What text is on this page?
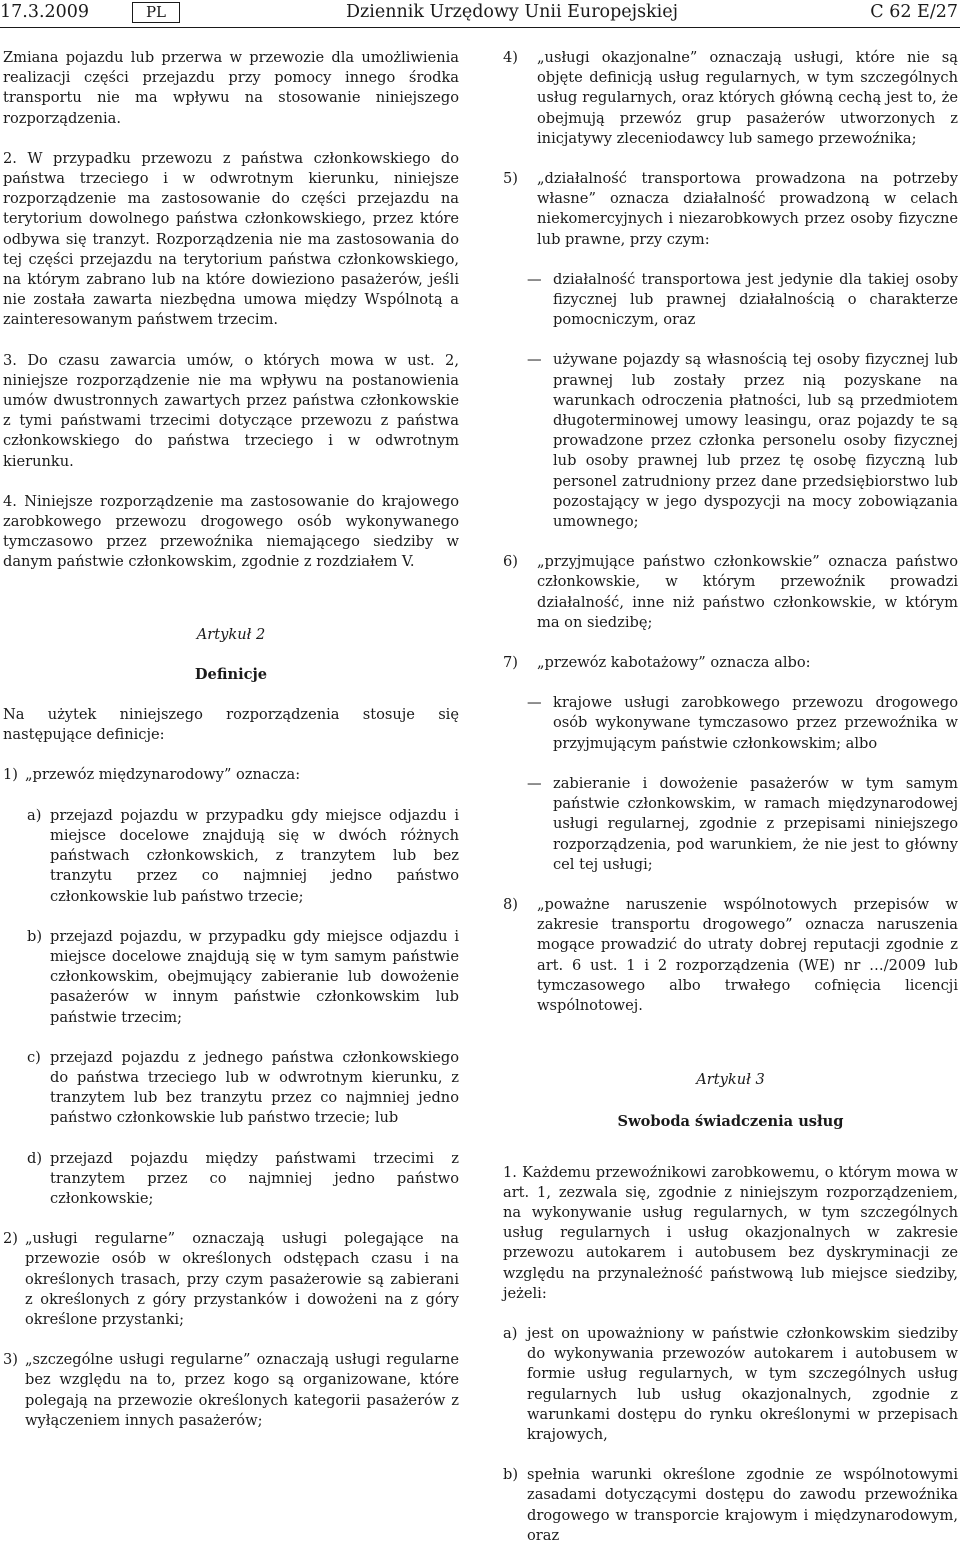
17.3.2009	PL	Dziennik Urzędowy Unii Europejskiej	C 62 E/27

Zmiana pojazdu lub przerwa w przewozie dla umożliwienia realizacji części przejazdu przy pomocy innego środka transportu nie ma wpływu na stosowanie niniejszego rozporządzenia.

2. W przypadku przewozu z państwa członkowskiego do państwa trzeciego i w odwrotnym kierunku, niniejsze rozporządzenie ma zastosowanie do części przejazdu na terytorium dowolnego państwa członkowskiego, przez które odbywa się tranzyt. Rozporządzenia nie ma zastosowania do tej części przejazdu na terytorium państwa członkowskiego, na którym zabrano lub na które dowieziono pasażerów, jeśli nie została zawarta niezbędna umowa między Wspólnotą a zainteresowanym państwem trzecim.

3. Do czasu zawarcia umów, o których mowa w ust. 2, niniejsze rozporządzenie nie ma wpływu na postanowienia umów dwustronnych zawartych przez państwa członkowskie z tymi państwami trzecimi dotyczące przewozu z państwa członkowskiego do państwa trzeciego i w odwrotnym kierunku.

4. Niniejsze rozporządzenie ma zastosowanie do krajowego zarobkowego przewozu drogowego osób wykonywanego tymczasowo przez przewoźnika niemającego siedziby w danym państwie członkowskim, zgodnie z rozdziałem V.

Artykuł 2

Definicje

Na użytek niniejszego rozporządzenia stosuje się następujące definicje:

1) „przewóz międzynarodowy” oznacza:
a) przejazd pojazdu w przypadku gdy miejsce odjazdu i miejsce docelowe znajdują się w dwóch różnych państwach członkowskich, z tranzytem lub bez tranzytu przez co najmniej jedno państwo członkowskie lub państwo trzecie;
b) przejazd pojazdu, w przypadku gdy miejsce odjazdu i miejsce docelowe znajdują się w tym samym państwie członkowskim, obejmujący zabieranie lub dowożenie pasażerów w innym państwie członkowskim lub państwie trzecim;
c) przejazd pojazdu z jednego państwa członkowskiego do państwa trzeciego lub w odwrotnym kierunku, z tranzytem lub bez tranzytu przez co najmniej jedno państwo członkowskie lub państwo trzecie; lub
d) przejazd pojazdu między państwami trzecimi z tranzytem przez co najmniej jedno państwo członkowskie;
2) „usługi regularne” oznaczają usługi polegające na przewozie osób w określonych odstępach czasu i na określonych trasach, przy czym pasażerowie są zabierani z określonych z góry przystanków i dowożeni na z góry określone przystanki;
3) „szczególne usługi regularne” oznaczają usługi regularne bez względu na to, przez kogo są organizowane, które polegają na przewozie określonych kategorii pasażerów z wyłączeniem innych pasażerów;
4)	„usługi okazjonalne” oznaczają usługi, które nie są objęte definicją usług regularnych, w tym szczególnych usług regularnych, oraz których główną cechą jest to, że obejmują przewóz grup pasażerów utworzonych z inicjatywy zleceniodawcy lub samego przewoźnika;
5)	„działalność transportowa prowadzona na potrzeby własne” oznacza działalność prowadzoną w celach niekomercyjnych i niezarobkowych przez osoby fizyczne lub prawne, przy czym:
— działalność transportowa jest jedynie dla takiej osoby fizycznej lub prawnej działalnością o charakterze pomocniczym, oraz
— używane pojazdy są własnością tej osoby fizycznej lub prawnej lub zostały przez nią pozyskane na warunkach odroczenia płatności, lub są przedmiotem długoterminowej umowy leasingu, oraz pojazdy te są prowadzone przez członka personelu osoby fizycznej lub osoby prawnej lub przez tę osobę fizyczną lub personel zatrudniony przez dane przedsiębiorstwo lub pozostający w jego dyspozycji na mocy zobowiązania umownego;
6)	„przyjmujące państwo członkowskie” oznacza państwo członkowskie, w którym przewoźnik prowadzi działalność, inne niż państwo członkowskie, w którym ma on siedzibę;
7)	„przewóz kabotażowy” oznacza albo:
— krajowe usługi zarobkowego przewozu drogowego osób wykonywane tymczasowo przez przewoźnika w przyjmującym państwie członkowskim; albo
— zabieranie i dowożenie pasażerów w tym samym państwie członkowskim, w ramach międzynarodowej usługi regularnej, zgodnie z przepisami niniejszego rozporządzenia, pod warunkiem, że nie jest to główny cel tej usługi;
8)	„poważne naruszenie wspólnotowych przepisów w zakresie transportu drogowego” oznacza naruszenia mogące prowadzić do utraty dobrej reputacji zgodnie z art. 6 ust. 1 i 2 rozporządzenia (WE) nr …/2009 lub tymczasowego albo trwałego cofnięcia licencji wspólnotowej.

Artykuł 3

Swoboda świadczenia usług

1. Każdemu przewoźnikowi zarobkowemu, o którym mowa w art. 1, zezwala się, zgodnie z niniejszym rozporządzeniem, na wykonywanie usług regularnych, w tym szczególnych usług regularnych i usług okazjonalnych w zakresie przewozu autokarem i autobusem bez dyskryminacji ze względu na przynależność państwową lub miejsce siedziby, jeżeli:

a) jest on upoważniony w państwie członkowskim siedziby do wykonywania przewozów autokarem i autobusem w formie usług regularnych, w tym szczególnych usług regularnych lub usług okazjonalnych, zgodnie z warunkami dostępu do rynku określonymi w przepisach krajowych,
b) spełnia warunki określone zgodnie ze wspólnotowymi zasadami dotyczącymi dostępu do zawodu przewoźnika drogowego w transporcie krajowym i międzynarodowym, oraz
